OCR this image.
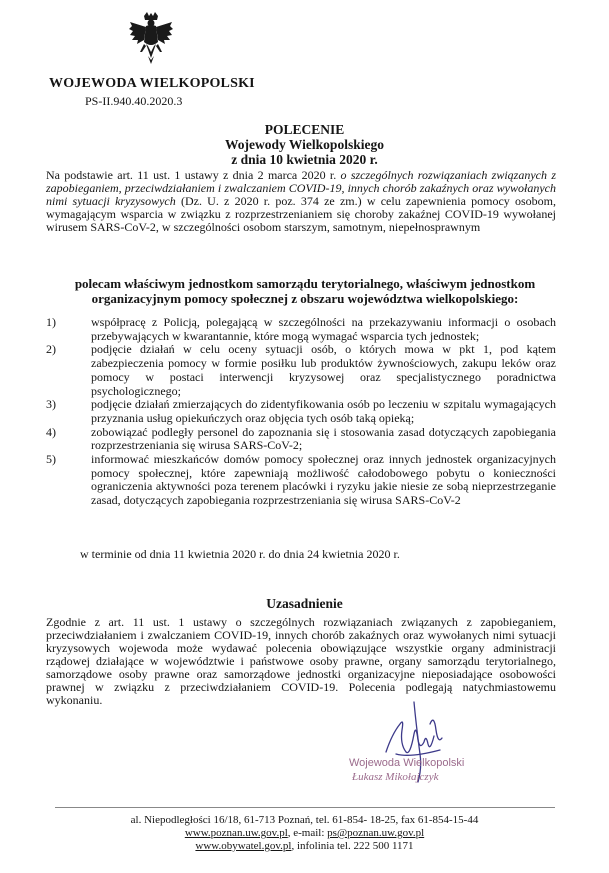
WOJEWODA WIELKOPOLSKI
PS-II.940.40.2020.3
POLECENIE
Wojewody Wielkopolskiego
z dnia 10 kwietnia 2020 r.
Na podstawie art. 11 ust. 1 ustawy z dnia 2 marca 2020 r. o szczególnych rozwiązaniach związanych z zapobieganiem, przeciwdziałaniem i zwalczaniem COVID-19, innych chorób zakaźnych oraz wywołanych nimi sytuacji kryzysowych (Dz. U. z 2020 r. poz. 374 ze zm.) w celu zapewnienia pomocy osobom, wymagającym wsparcia w związku z rozprzestrzenianiem się choroby zakaźnej COVID-19 wywołanej wirusem SARS-CoV-2, w szczególności osobom starszym, samotnym, niepełnosprawnym
polecam właściwym jednostkom samorządu terytorialnego, właściwym jednostkom
organizacyjnym pomocy społecznej z obszaru województwa wielkopolskiego:
1)	współpracę z Policją, polegającą w szczególności na przekazywaniu informacji o osobach przebywających w kwarantannie, które mogą wymagać wsparcia tych jednostek;
2)	podjęcie działań w celu oceny sytuacji osób, o których mowa w pkt 1, pod kątem zabezpieczenia pomocy w formie posiłku lub produktów żywnościowych, zakupu leków oraz pomocy w postaci interwencji kryzysowej oraz specjalistycznego poradnictwa psychologicznego;
3)	podjęcie działań zmierzających do zidentyfikowania osób po leczeniu w szpitalu wymagających przyznania usług opiekuńczych oraz objęcia tych osób taką opieką;
4)	zobowiązać podległy personel do zapoznania się i stosowania zasad dotyczących zapobiegania rozprzestrzeniania się wirusa SARS-CoV-2;
5)	informować mieszkańców domów pomocy społecznej oraz innych jednostek organizacyjnych pomocy społecznej, które zapewniają możliwość całodobowego pobytu o konieczności ograniczenia aktywności poza terenem placówki i ryzyku jakie niesie ze sobą nieprzestrzeganie zasad, dotyczących zapobiegania rozprzestrzeniania się wirusa SARS-CoV-2
w terminie od dnia 11 kwietnia 2020 r. do dnia 24 kwietnia 2020 r.
Uzasadnienie
Zgodnie z art. 11 ust. 1 ustawy o szczególnych rozwiązaniach związanych z zapobieganiem, przeciwdziałaniem i zwalczaniem COVID-19, innych chorób zakaźnych oraz wywołanych nimi sytuacji kryzysowych wojewoda może wydawać polecenia obowiązujące wszystkie organy administracji rządowej działające w województwie i państwowe osoby prawne, organy samorządu terytorialnego, samorządowe osoby prawne oraz samorządowe jednostki organizacyjne nieposiadające osobowości prawnej w związku z przeciwdziałaniem COVID-19. Polecenia podlegają natychmiastowemu wykonaniu.
Wojewoda Wielkopolski
Łukasz Mikołajczyk
al. Niepodległości 16/18, 61-713 Poznań, tel. 61-854- 18-25, fax 61-854-15-44
www.poznan.uw.gov.pl, e-mail: ps@poznan.uw.gov.pl
www.obywatel.gov.pl, infolinia tel. 222 500 1171
